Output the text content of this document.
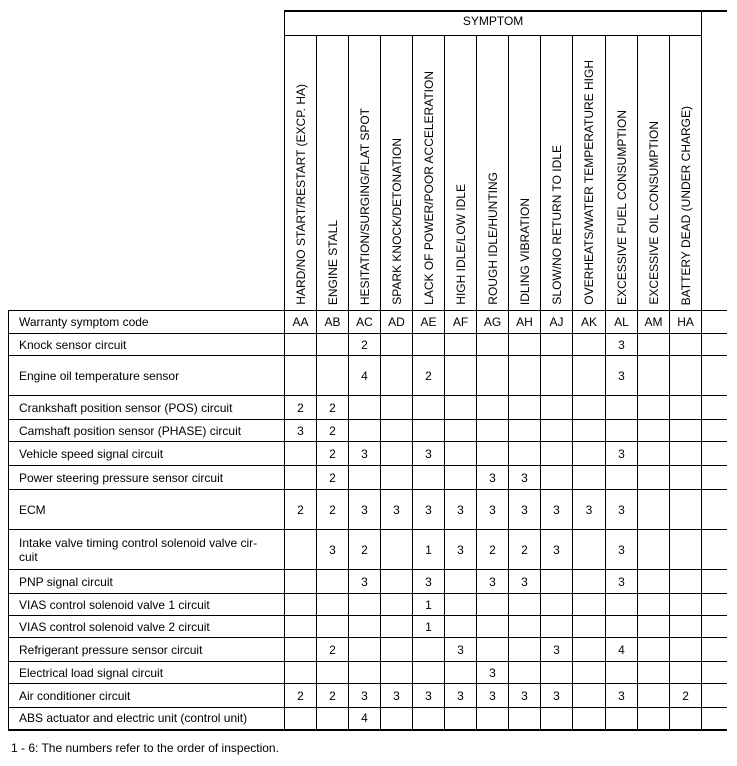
	SYMPTOM													

	HARD/NO START/RESTART (EXCP. HA)	ENGINE STALL	HESITATION/SURGING/FLAT SPOT	SPARK KNOCK/DETONATION	LACK OF POWER/POOR ACCELERATION	HIGH IDLE/LOW IDLE	ROUGH IDLE/HUNTING	IDLING VIBRATION	SLOW/NO RETURN TO IDLE	OVERHEATS/WATER TEMPERATURE HIGH	EXCESSIVE FUEL CONSUMPTION	EXCESSIVE OIL CONSUMPTION	BATTERY DEAD (UNDER CHARGE)	

Warranty symptom code	AA	AB	AC	AD	AE	AF	AG	AH	AJ	AK	AL	AM	HA	
Knock sensor circuit			2								3			
Engine oil temperature sensor			4		2						3			
Crankshaft position sensor (POS) circuit	2	2												
Camshaft position sensor (PHASE) circuit	3	2												
Vehicle speed signal circuit		2	3		3						3			
Power steering pressure sensor circuit		2					3	3						
ECM	2	2	3	3	3	3	3	3	3	3	3			
Intake valve timing control solenoid valve cir-
cuit		3	2		1	3	2	2	3		3			
PNP signal circuit			3		3		3	3			3			
VIAS control solenoid valve 1 circuit					1									
VIAS control solenoid valve 2 circuit					1									
Refrigerant pressure sensor circuit		2				3			3		4			
Electrical load signal circuit							3							
Air conditioner circuit	2	2	3	3	3	3	3	3	3		3		2	
ABS actuator and electric unit (control unit)			4											
1 - 6: The numbers refer to the order of inspection.
